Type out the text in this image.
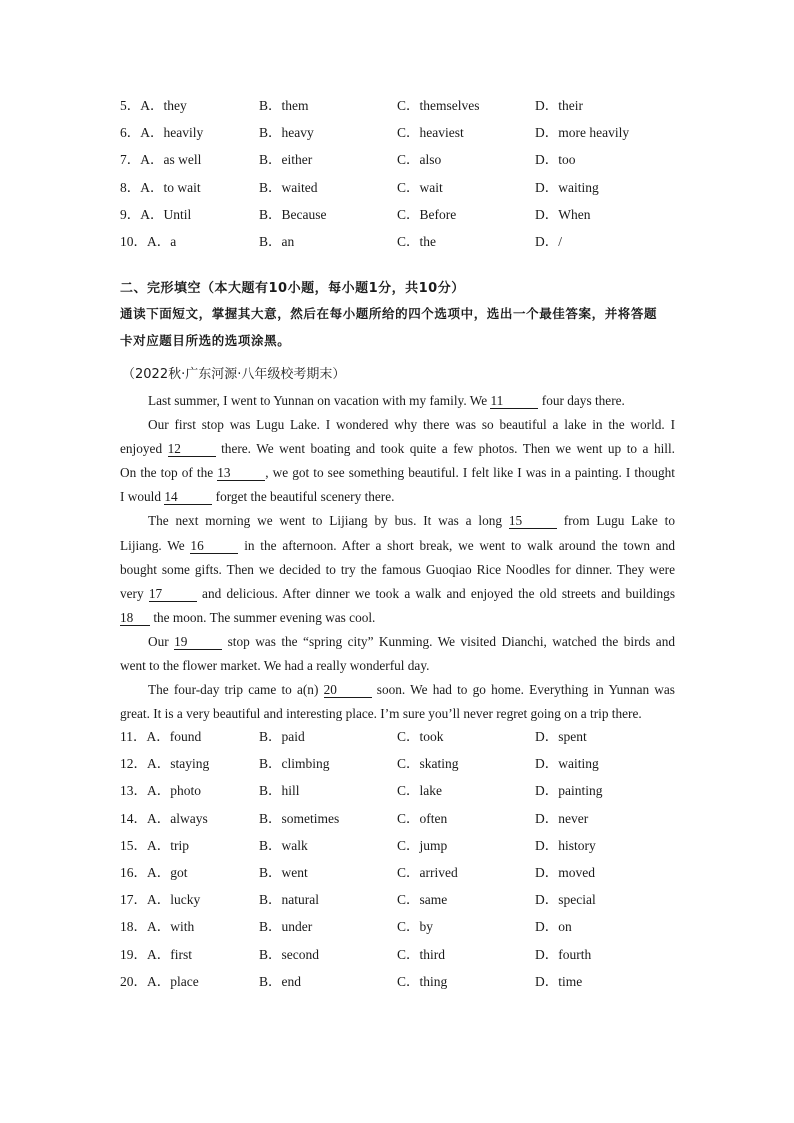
5．A．they	B．them	C．themselves	D．their
6．A．heavily	B．heavy	C．heaviest	D．more heavily
7．A．as well	B．either	C．also	D．too
8．A．to wait	B．waited	C．wait	D．waiting
9．A．Until	B．Because	C．Before	D．When
10．A．a	B．an	C．the	D．/
二、完形填空（本大题有10小题，每小题1分，共10分）
通读下面短文，掌握其大意，然后在每小题所给的四个选项中，选出一个最佳答案，并将答题
卡对应题目所选的选项涂黑。
（2022秋·广东河源·八年级校考期末）
Last summer, I went to Yunnan on vacation with my family. We 11	four days there.
Our first stop was Lugu Lake. I wondered why there was so beautiful a lake in the world. I
enjoyed 12	there. We went boating and took quite a few photos. Then we went up to a hill.
On the top of the 13	, we got to see something beautiful. I felt like I was in a painting. I thought
I would 14	forget the beautiful scenery there.
The next morning we went to Lijiang by bus. It was a long 15	from Lugu Lake to
Lijiang. We 16	in the afternoon. After a short break, we went to walk around the town and
bought some gifts. Then we decided to try the famous Guoqiao Rice Noodles for dinner. They were
very 17	and delicious. After dinner we took a walk and enjoyed the old streets and buildings
18 the moon. The summer evening was cool.
Our 19	stop was the “spring city” Kunming. We visited Dianchi, watched the birds and
went to the flower market. We had a really wonderful day.
The four-day trip came to a(n) 20	soon. We had to go home. Everything in Yunnan was
great. It is a very beautiful and interesting place. I’m sure you’ll never regret going on a trip there.
11．A．found	B．paid	C．took	D．spent
12．A．staying	B．climbing	C．skating	D．waiting
13．A．photo	B．hill	C．lake	D．painting
14．A．always	B．sometimes	C．often	D．never
15．A．trip	B．walk	C．jump	D．history
16．A．got	B．went	C．arrived	D．moved
17．A．lucky	B．natural	C．same	D．special
18．A．with	B．under	C．by	D．on
19．A．first	B．second	C．third	D．fourth
20．A．place	B．end	C．thing	D．time
